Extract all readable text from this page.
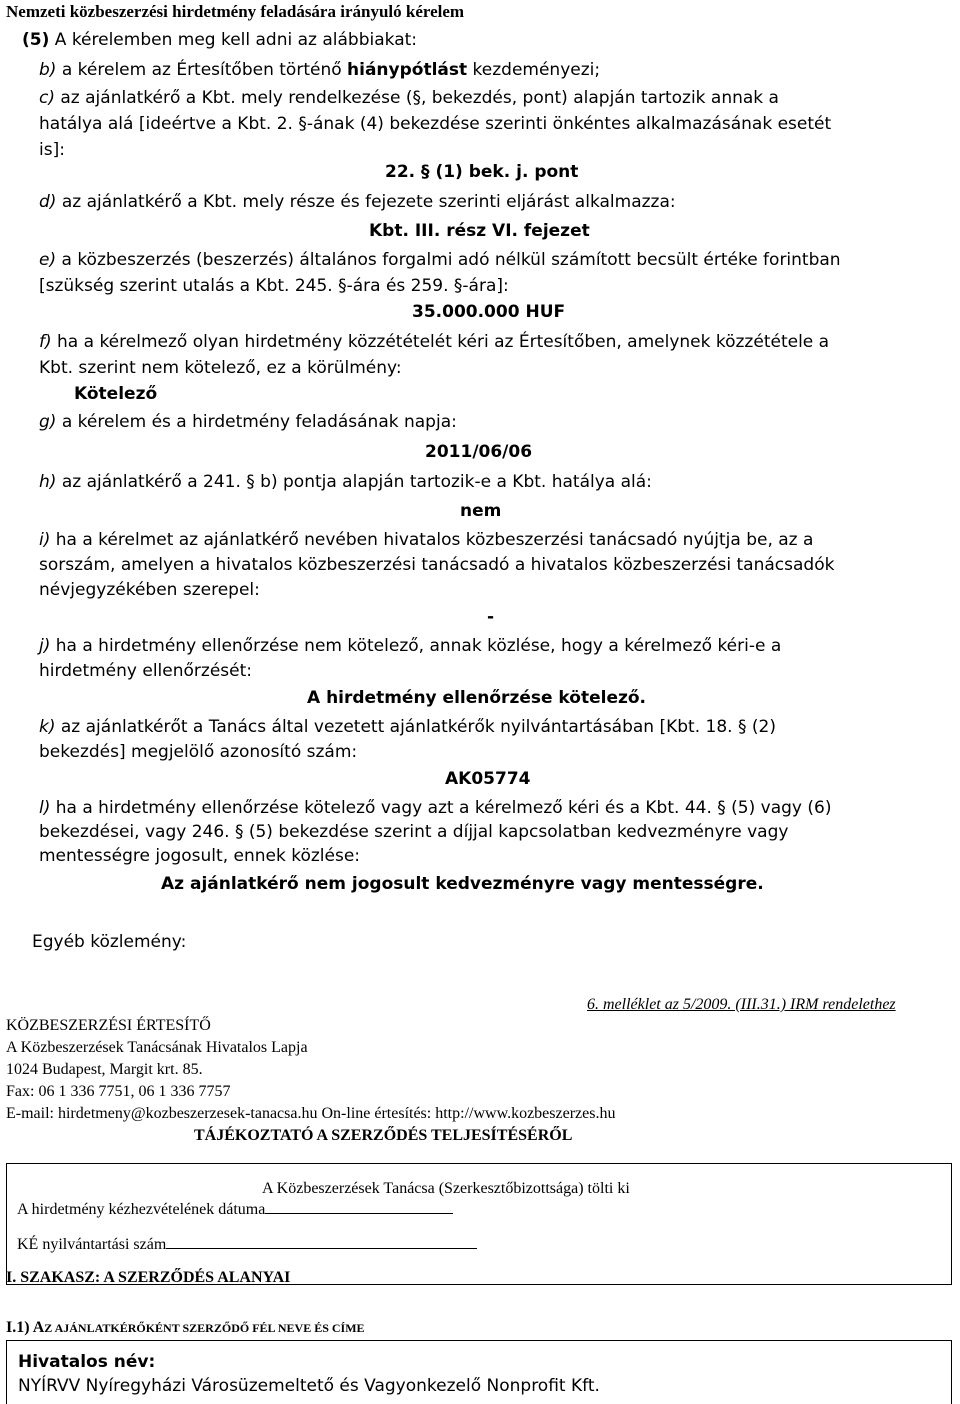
Nemzeti közbeszerzési hirdetmény feladására irányuló kérelem
(5) A kérelemben meg kell adni az alábbiakat:
b) a kérelem az Értesítőben történő hiánypótlást kezdeményezi;
c) az ajánlatkérő a Kbt. mely rendelkezése (§, bekezdés, pont) alapján tartozik annak a
hatálya alá [ideértve a Kbt. 2. §-ának (4) bekezdése szerinti önkéntes alkalmazásának esetét
is]:
22. § (1) bek. j. pont
d) az ajánlatkérő a Kbt. mely része és fejezete szerinti eljárást alkalmazza:
Kbt. III. rész VI. fejezet
e) a közbeszerzés (beszerzés) általános forgalmi adó nélkül számított becsült értéke forintban
[szükség szerint utalás a Kbt. 245. §-ára és 259. §-ára]:
35.000.000 HUF
f) ha a kérelmező olyan hirdetmény közzétételét kéri az Értesítőben, amelynek közzététele a
Kbt. szerint nem kötelező, ez a körülmény:
Kötelező
g) a kérelem és a hirdetmény feladásának napja:
2011/06/06
h) az ajánlatkérő a 241. § b) pontja alapján tartozik-e a Kbt. hatálya alá:
nem
i) ha a kérelmet az ajánlatkérő nevében hivatalos közbeszerzési tanácsadó nyújtja be, az a
sorszám, amelyen a hivatalos közbeszerzési tanácsadó a hivatalos közbeszerzési tanácsadók
névjegyzékében szerepel:
-
j) ha a hirdetmény ellenőrzése nem kötelező, annak közlése, hogy a kérelmező kéri-e a
hirdetmény ellenőrzését:
A hirdetmény ellenőrzése kötelező.
k) az ajánlatkérőt a Tanács által vezetett ajánlatkérők nyilvántartásában [Kbt. 18. § (2)
bekezdés] megjelölő azonosító szám:
AK05774
l) ha a hirdetmény ellenőrzése kötelező vagy azt a kérelmező kéri és a Kbt. 44. § (5) vagy (6)
bekezdései, vagy 246. § (5) bekezdése szerint a díjjal kapcsolatban kedvezményre vagy
mentességre jogosult, ennek közlése:
Az ajánlatkérő nem jogosult kedvezményre vagy mentességre.
Egyéb közlemény:
6. melléklet az 5/2009. (III.31.) IRM rendelethez
KÖZBESZERZÉSI ÉRTESÍTŐ
A Közbeszerzések Tanácsának Hivatalos Lapja
1024 Budapest, Margit krt. 85.
Fax: 06 1 336 7751, 06 1 336 7757
E-mail: hirdetmeny@kozbeszerzesek-tanacsa.hu On-line értesítés: http://www.kozbeszerzes.hu
TÁJÉKOZTATÓ A SZERZŐDÉS TELJESÍTÉSÉRŐL
A Közbeszerzések Tanácsa (Szerkesztőbizottsága) tölti ki
A hirdetmény kézhezvételének dátuma
KÉ nyilvántartási szám
I. SZAKASZ: A SZERZŐDÉS ALANYAI
I.1) AZ AJÁNLATKÉRŐKÉNT SZERZŐDŐ FÉL NEVE ÉS CÍME
Hivatalos név:
NYÍRVV Nyíregyházi Városüzemeltető és Vagyonkezelő Nonprofit Kft.
